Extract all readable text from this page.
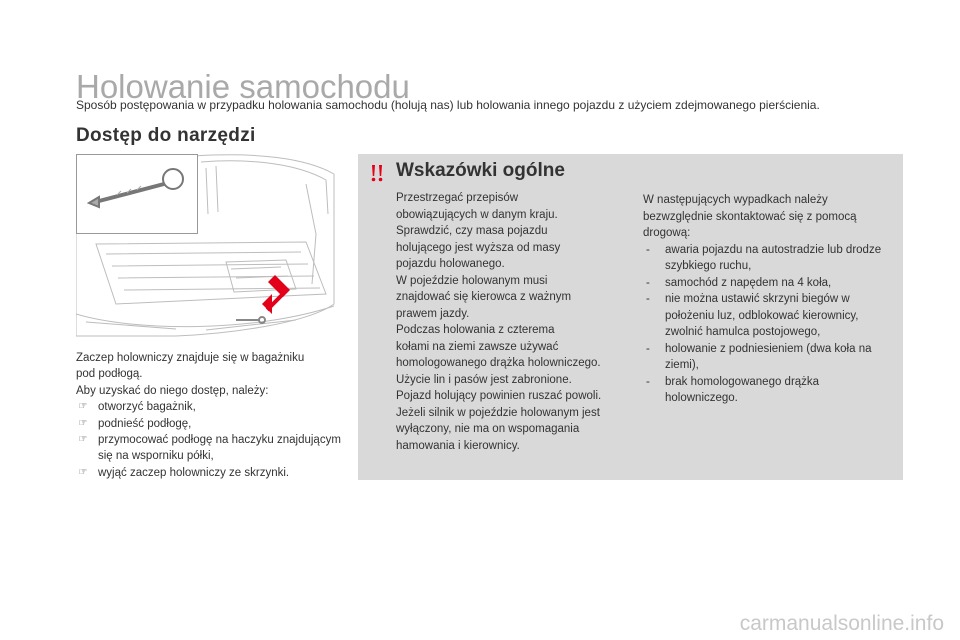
Holowanie samochodu
Sposób postępowania w przypadku holowania samochodu (holują nas) lub holowania innego pojazdu z użyciem zdejmowanego pierścienia.
Dostęp do narzędzi

Zaczep holowniczy znajduje się w bagażniku

pod podłogą.

Aby uzyskać do niego dostęp, należy:

☞ otworzyć bagażnik,
☞ podnieść podłogę,
☞ przymocować podłogę na haczyku znajdującym się na wsporniku półki,
☞ wyjąć zaczep holowniczy ze skrzynki.
Wskazówki ogólne

Przestrzegać przepisów

obowiązujących w danym kraju.

Sprawdzić, czy masa pojazdu

holującego jest wyższa od masy

pojazdu holowanego.

W pojeździe holowanym musi

znajdować się kierowca z ważnym

prawem jazdy.

Podczas holowania z czterema

kołami na ziemi zawsze używać

homologowanego drążka holowniczego.

Użycie lin i pasów jest zabronione.

Pojazd holujący powinien ruszać powoli.

Jeżeli silnik w pojeździe holowanym jest

wyłączony, nie ma on wspomagania

hamowania i kierownicy.

W następujących wypadkach należy

bezwzględnie skontaktować się z pomocą

drogową:

- awaria pojazdu na autostradzie lub drodze szybkiego ruchu,
- samochód z napędem na 4 koła,
- nie można ustawić skrzyni biegów w położeniu luz, odblokować kierownicy, zwolnić hamulca postojowego,
- holowanie z podniesieniem (dwa koła na ziemi),
- brak homologowanego drążka holowniczego.
carmanualsonline.info
